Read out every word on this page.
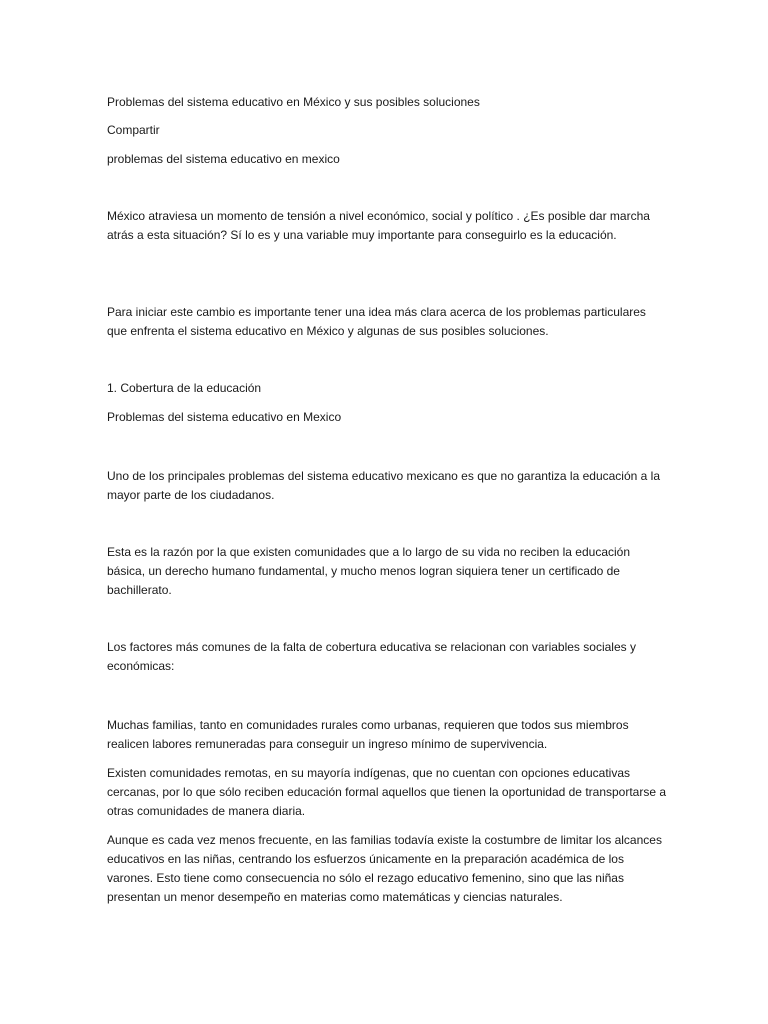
Problemas del sistema educativo en México y sus posibles soluciones

Compartir

problemas del sistema educativo en mexico

México atraviesa un momento de tensión a nivel económico, social y político . ¿Es posible dar marcha atrás a esta situación? Sí lo es y una variable muy importante para conseguirlo es la educación.

Para iniciar este cambio es importante tener una idea más clara acerca de los problemas particulares que enfrenta el sistema educativo en México y algunas de sus posibles soluciones.

1. Cobertura de la educación

Problemas del sistema educativo en Mexico

Uno de los principales problemas del sistema educativo mexicano es que no garantiza la educación a la mayor parte de los ciudadanos.

Esta es la razón por la que existen comunidades que a lo largo de su vida no reciben la educación básica, un derecho humano fundamental, y mucho menos logran siquiera tener un certificado de bachillerato.

Los factores más comunes de la falta de cobertura educativa se relacionan con variables sociales y económicas:

Muchas familias, tanto en comunidades rurales como urbanas, requieren que todos sus miembros realicen labores remuneradas para conseguir un ingreso mínimo de supervivencia.

Existen comunidades remotas, en su mayoría indígenas, que no cuentan con opciones educativas cercanas, por lo que sólo reciben educación formal aquellos que tienen la oportunidad de transportarse a otras comunidades de manera diaria.

Aunque es cada vez menos frecuente, en las familias todavía existe la costumbre de limitar los alcances educativos en las niñas, centrando los esfuerzos únicamente en la preparación académica de los varones. Esto tiene como consecuencia no sólo el rezago educativo femenino, sino que las niñas presentan un menor desempeño en materias como matemáticas y ciencias naturales.
